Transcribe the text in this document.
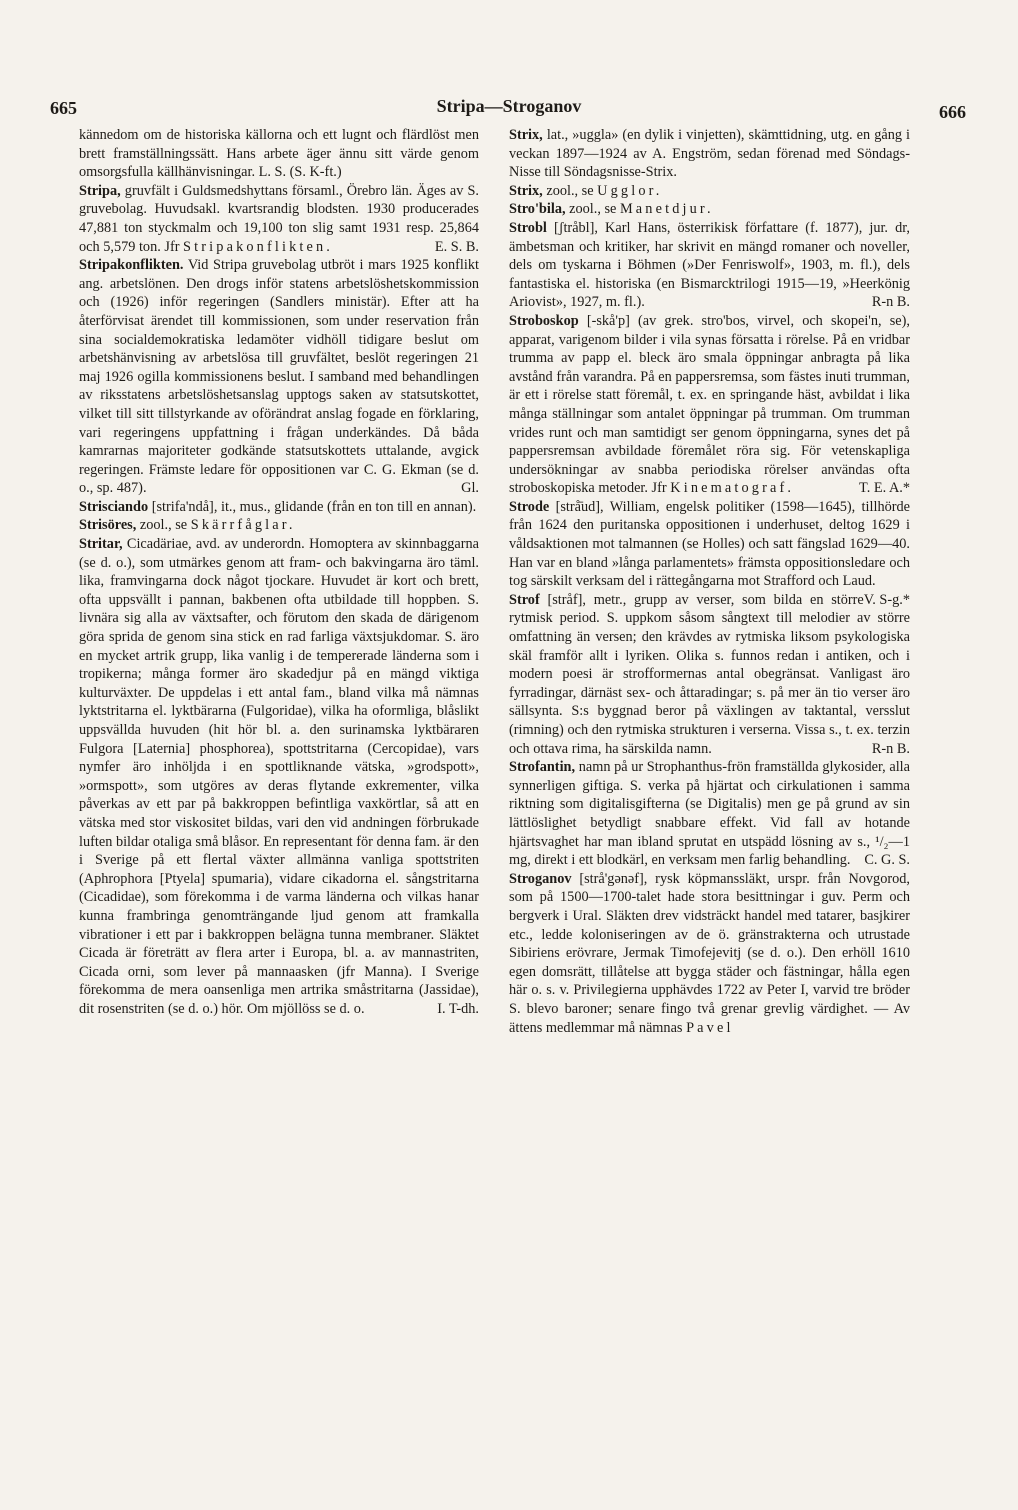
665	Stripa—Stroganov	666

kännedom om de historiska källorna och ett lugnt och flärdlöst men brett framställningssätt. Hans arbete äger ännu sitt värde genom omsorgsfulla källhänvisningar. L. S. (S. K-ft.)

Stripa, gruvfält i Guldsmedshyttans församl., Örebro län. Äges av S. gruvebolag. Huvudsakl. kvartsrandig blodsten. 1930 producerades 47,881 ton styckmalm och 19,100 ton slig samt 1931 resp. 25,864 och 5,579 ton. Jfr Stripakonflikten.	E. S. B.

Stripakonflikten. Vid Stripa gruvebolag utbröt i mars 1925 konflikt ang. arbetslönen. Den drogs inför statens arbetslöshetskommission och (1926) inför regeringen (Sandlers ministär). Efter att ha återförvisat ärendet till kommissionen, som under reservation från sina socialdemokratiska ledamöter vidhöll tidigare beslut om arbetshänvisning av arbetslösa till gruvfältet, beslöt regeringen 21 maj 1926 ogilla kommissionens beslut. I samband med behandlingen av riksstatens arbetslöshetsanslag upptogs saken av statsutskottet, vilket till sitt tillstyrkande av oförändrat anslag fogade en förklaring, vari regeringens uppfattning i frågan underkändes. Då båda kamrarnas majoriteter godkände statsutskottets uttalande, avgick regeringen. Främste ledare för oppositionen var C. G. Ekman (se d. o., sp. 487).	Gl.

Strisciando [strifa'ndå], it., mus., glidande (från en ton till en annan).

Strisöres, zool., se Skärrfåglar.

Stritar, Cicadäriae, avd. av underordn. Homoptera av skinnbaggarna (se d. o.), som utmärkes genom att fram- och bakvingarna äro täml. lika, framvingarna dock något tjockare. Huvudet är kort och brett, ofta uppsvällt i pannan, bakbenen ofta utbildade till hoppben. S. livnära sig alla av växtsafter, och förutom den skada de därigenom göra sprida de genom sina stick en rad farliga växtsjukdomar. S. äro en mycket artrik grupp, lika vanlig i de tempererade länderna som i tropikerna; många former äro skadedjur på en mängd viktiga kulturväxter. De uppdelas i ett antal fam., bland vilka må nämnas lyktstritarna el. lyktbärarna (Fulgoridae), vilka ha oformliga, blåslikt uppsvällda huvuden (hit hör bl. a. den surinamska lyktbäraren Fulgora [Laternia] phosphorea), spottstritarna (Cercopidae), vars nymfer äro inhöljda i en spottliknande vätska, »grodspott», »ormspott», som utgöres av deras flytande exkrementer, vilka påverkas av ett par på bakkroppen befintliga vaxkörtlar, så att en vätska med stor viskositet bildas, vari den vid andningen förbrukade luften bildar otaliga små blåsor. En representant för denna fam. är den i Sverige på ett flertal växter allmänna vanliga spottstriten (Aphrophora [Ptyela] spumaria), vidare cikadorna el. sångstritarna (Cicadidae), som förekomma i de varma länderna och vilkas hanar kunna frambringa genomträngande ljud genom att framkalla vibrationer i ett par i bakkroppen belägna tunna membraner. Släktet Cicada är företrätt av flera arter i Europa, bl. a. av mannastriten, Cicada orni, som lever på mannaasken (jfr Manna). I Sverige förekomma de mera oansenliga men artrika småstritarna (Jassidae), dit rosenstriten (se d. o.) hör. Om mjöllöss se d. o.	I. T-dh.

Strix, lat., »uggla» (en dylik i vinjetten), skämttidning, utg. en gång i veckan 1897—1924 av A. Engström, sedan förenad med Söndags-Nisse till Söndagsnisse-Strix.

Strix, zool., se Ugglor.

Stro'bila, zool., se Manetdjur.

Strobl [ʃtråbl], Karl Hans, österrikisk författare (f. 1877), jur. dr, ämbetsman och kritiker, har skrivit en mängd romaner och noveller, dels om tyskarna i Böhmen (»Der Fenriswolf», 1903, m. fl.), dels fantastiska el. historiska (en Bismarcktrilogi 1915—19, »Heerkönig Ariovist», 1927, m. fl.).	R-n B.

Stroboskop [-skå'p] (av grek. stro'bos, virvel, och skopei'n, se), apparat, varigenom bilder i vila synas försatta i rörelse. På en vridbar trumma av papp el. bleck äro smala öppningar anbragta på lika avstånd från varandra. På en pappersremsa, som fästes inuti trumman, är ett i rörelse statt föremål, t. ex. en springande häst, avbildat i lika många ställningar som antalet öppningar på trumman. Om trumman vrides runt och man samtidigt ser genom öppningarna, synes det på pappersremsan avbildade föremålet röra sig. För vetenskapliga undersökningar av snabba periodiska rörelser användas ofta stroboskopiska metoder. Jfr Kinematograf.	T. E. A.*

Strode [strå̄ud], William, engelsk politiker (1598—1645), tillhörde från 1624 den puritanska oppositionen i underhuset, deltog 1629 i våldsaktionen mot talmannen (se Holles) och satt fängslad 1629—40. Han var en bland »långa parlamentets» främsta oppositionsledare och tog särskilt verksam del i rättegångarna mot Strafford och Laud.
V. S-g.*

Strof [stråf], metr., grupp av verser, som bilda en större rytmisk period. S. uppkom såsom sångtext till melodier av större omfattning än versen; den krävdes av rytmiska liksom psykologiska skäl framför allt i lyriken. Olika s. funnos redan i antiken, och i modern poesi är strofformernas antal obegränsat. Vanligast äro fyrradingar, därnäst sex- och åttaradingar; s. på mer än tio verser äro sällsynta. S:s byggnad beror på växlingen av taktantal, versslut (rimning) och den rytmiska strukturen i verserna. Vissa s., t. ex. terzin och ottava rima, ha särskilda namn.	R-n B.

Strofantin, namn på ur Strophanthus-frön framställda glykosider, alla synnerligen giftiga. S. verka på hjärtat och cirkulationen i samma riktning som digitalisgifterna (se Digitalis) men ge på grund av sin lättlöslighet betydligt snabbare effekt. Vid fall av hotande hjärtsvaghet har man ibland sprutat en utspädd lösning av s., ¹/₂—1 mg, direkt i ett blodkärl, en verksam men farlig behandling. C. G. S.

Stroganov [strå'gənəf], rysk köpmanssläkt, urspr. från Novgorod, som på 1500—1700-talet hade stora besittningar i guv. Perm och bergverk i Ural. Släkten drev vidsträckt handel med tatarer, basjkirer etc., ledde koloniseringen av de ö. gränstrakterna och utrustade Sibiriens erövrare, Jermak Timofejevitj (se d. o.). Den erhöll 1610 egen domsrätt, tillåtelse att bygga städer och fästningar, hålla egen här o. s. v. Privilegierna upphävdes 1722 av Peter I, varvid tre bröder S. blevo baroner; senare fingo två grenar grevlig värdighet. — Av ättens medlemmar må nämnas Pavel
